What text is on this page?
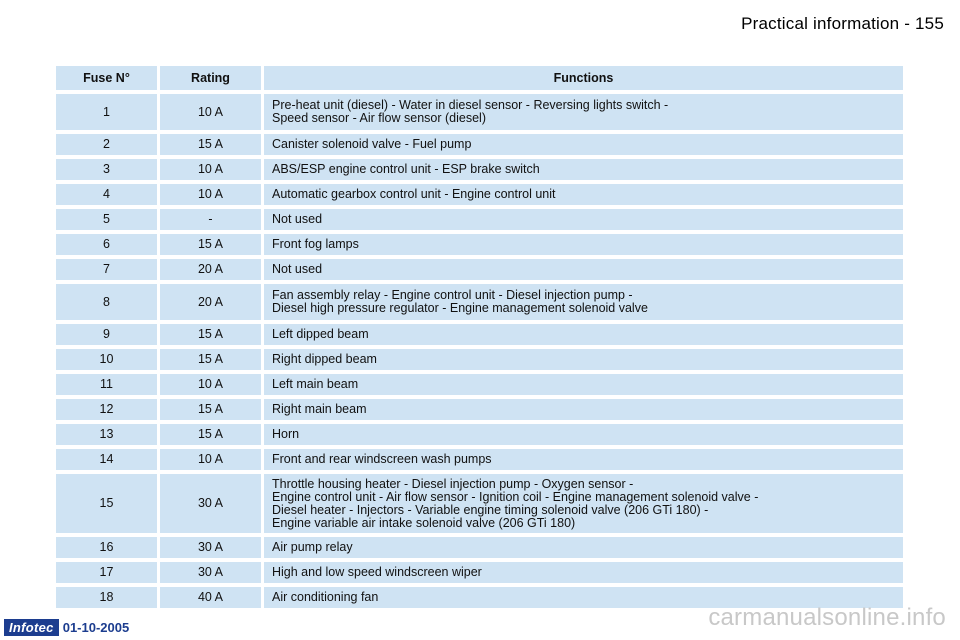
Practical information - 155
Fuse N°	Rating	Functions
1	10 A	Pre-heat unit (diesel) - Water in diesel sensor - Reversing lights switch -
Speed sensor - Air flow sensor (diesel)
2	15 A	Canister solenoid valve - Fuel pump
3	10 A	ABS/ESP engine control unit - ESP brake switch
4	10 A	Automatic gearbox control unit - Engine control unit
5	-	Not used
6	15 A	Front fog lamps
7	20 A	Not used
8	20 A	Fan assembly relay - Engine control unit - Diesel injection pump -
Diesel high pressure regulator - Engine management solenoid valve
9	15 A	Left dipped beam
10	15 A	Right dipped beam
11	10 A	Left main beam
12	15 A	Right main beam
13	15 A	Horn
14	10 A	Front and rear windscreen wash pumps
15	30 A
Throttle housing heater - Diesel injection pump - Oxygen sensor -
Engine control unit - Air flow sensor - Ignition coil - Engine management solenoid valve -
Diesel heater - Injectors - Variable engine timing solenoid valve (206 GTi 180) -
Engine variable air intake solenoid valve (206 GTi 180)
16	30 A	Air pump relay
17	30 A	High and low speed windscreen wiper
18	40 A	Air conditioning fan
Infotec 01-10-2005	carmanualsonline.info
